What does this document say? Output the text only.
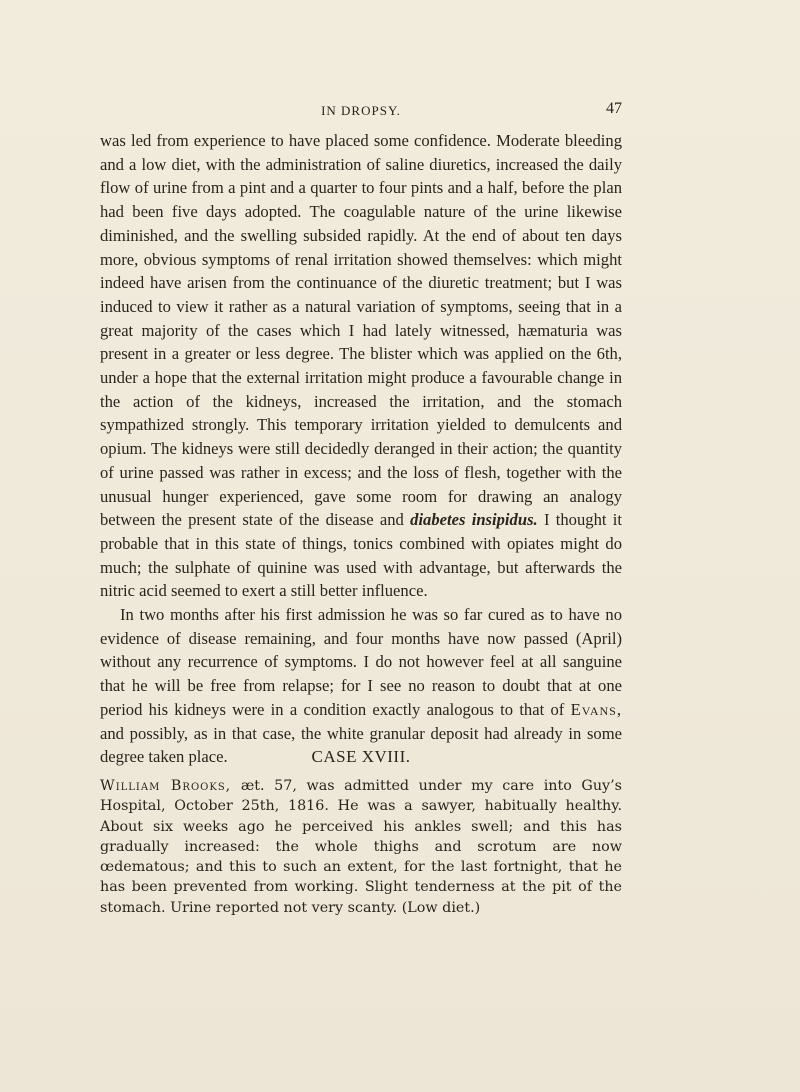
IN DROPSY.	47

was led from experience to have placed some confidence. Moderate bleeding and a low diet, with the administration of saline diuretics, increased the daily flow of urine from a pint and a quarter to four pints and a half, before the plan had been five days adopted. The coagulable nature of the urine likewise diminished, and the swelling subsided rapidly. At the end of about ten days more, obvious symptoms of renal irritation showed themselves: which might indeed have arisen from the continuance of the diuretic treatment; but I was induced to view it rather as a natural variation of symptoms, seeing that in a great majority of the cases which I had lately witnessed, hæmaturia was present in a greater or less degree. The blister which was applied on the 6th, under a hope that the external irritation might produce a favourable change in the action of the kidneys, increased the irritation, and the stomach sympathized strongly. This temporary irritation yielded to demulcents and opium. The kidneys were still decidedly deranged in their action; the quantity of urine passed was rather in excess; and the loss of flesh, together with the unusual hunger experienced, gave some room for drawing an analogy between the present state of the disease and diabetes insipidus. I thought it probable that in this state of things, tonics combined with opiates might do much; the sulphate of quinine was used with advantage, but afterwards the nitric acid seemed to exert a still better influence.

In two months after his first admission he was so far cured as to have no evidence of disease remaining, and four months have now passed (April) without any recurrence of symptoms. I do not however feel at all sanguine that he will be free from relapse; for I see no reason to doubt that at one period his kidneys were in a condition exactly analogous to that of Evans, and possibly, as in that case, the white granular deposit had already in some degree taken place.	CASE XVIII.

William Brooks, æt. 57, was admitted under my care into Guy’s Hospital, October 25th, 1816. He was a sawyer, habitually healthy. About six weeks ago he perceived his ankles swell; and this has gradually increased: the whole thighs and scrotum are now œdematous; and this to such an extent, for the last fortnight, that he has been prevented from working. Slight tenderness at the pit of the stomach. Urine reported not very scanty. (Low diet.)
